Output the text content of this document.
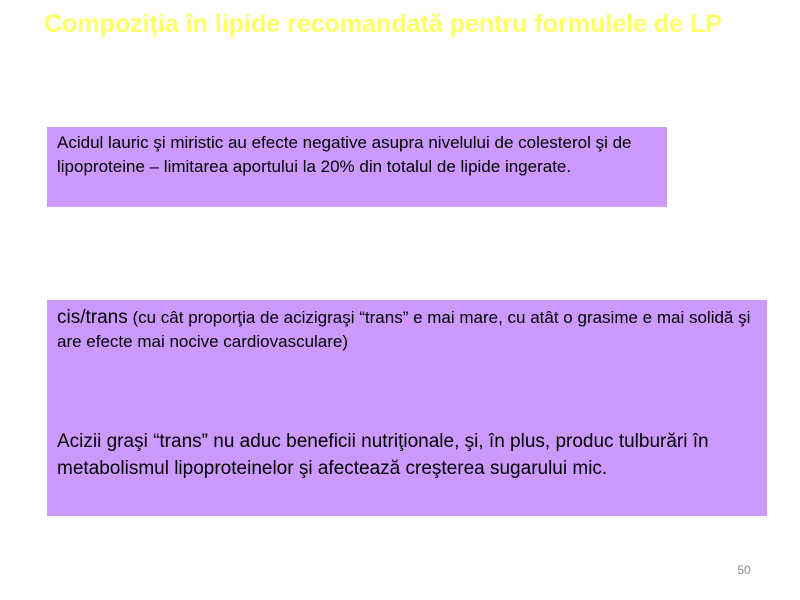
Compoziţia în lipide recomandată pentru formulele de LP

Acidul lauric şi miristic au efecte negative asupra nivelului de colesterol şi de lipoproteine – limitarea aportului la 20% din totalul de lipide ingerate.

cis/trans (cu cât proporţia de acizigraşi “trans” e mai mare, cu atât o grasime e mai solidă şi are efecte mai nocive cardiovasculare)

Acizii graşi “trans” nu aduc beneficii nutriţionale, şi, în plus, produc tulburări în metabolismul lipoproteinelor şi afectează creşterea sugarului mic.

50
